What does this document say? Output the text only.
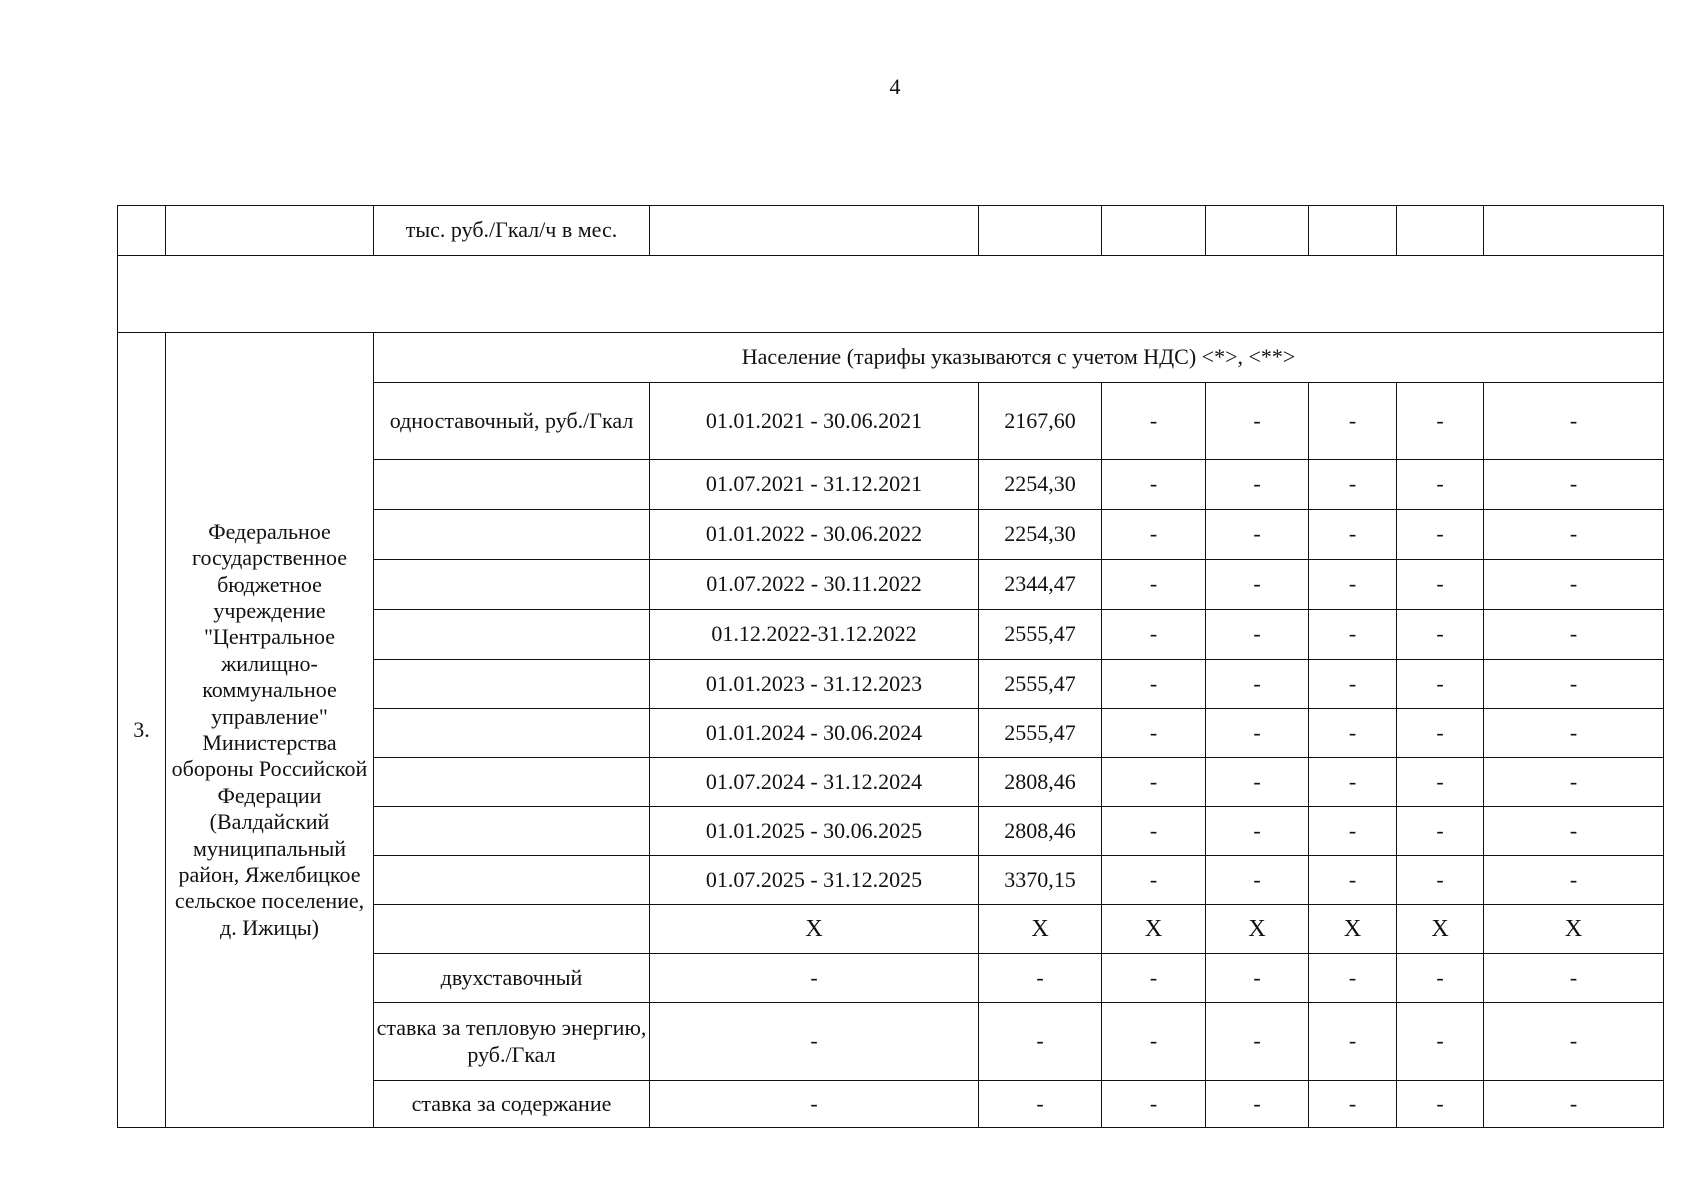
4
		тыс. руб./Гкал/ч в мес.							

3.	Федеральное государственное бюджетное учреждение "Центральное жилищно-коммунальное управление" Министерства обороны Российской Федерации (Валдайский муниципальный район, Яжелбицкое сельское поселение, д. Ижицы)	Население (тарифы указываются с учетом НДС) <*>, <**>							
		одноставочный, руб./Гкал	01.01.2021 - 30.06.2021	2167,60	-	-	-	-	-
			01.07.2021 - 31.12.2021	2254,30	-	-	-	-	-
			01.01.2022 - 30.06.2022	2254,30	-	-	-	-	-
			01.07.2022 - 30.11.2022	2344,47	-	-	-	-	-
			01.12.2022-31.12.2022	2555,47	-	-	-	-	-
			01.01.2023 - 31.12.2023	2555,47	-	-	-	-	-
			01.01.2024 - 30.06.2024	2555,47	-	-	-	-	-
			01.07.2024 - 31.12.2024	2808,46	-	-	-	-	-
			01.01.2025 - 30.06.2025	2808,46	-	-	-	-	-
			01.07.2025 - 31.12.2025	3370,15	-	-	-	-	-
			X	X	X	X	X	X	X
		двухставочный	-	-	-	-	-	-	-
		ставка за тепловую энергию, руб./Гкал	-	-	-	-	-	-	-
		ставка за содержание	-	-	-	-	-	-	-
